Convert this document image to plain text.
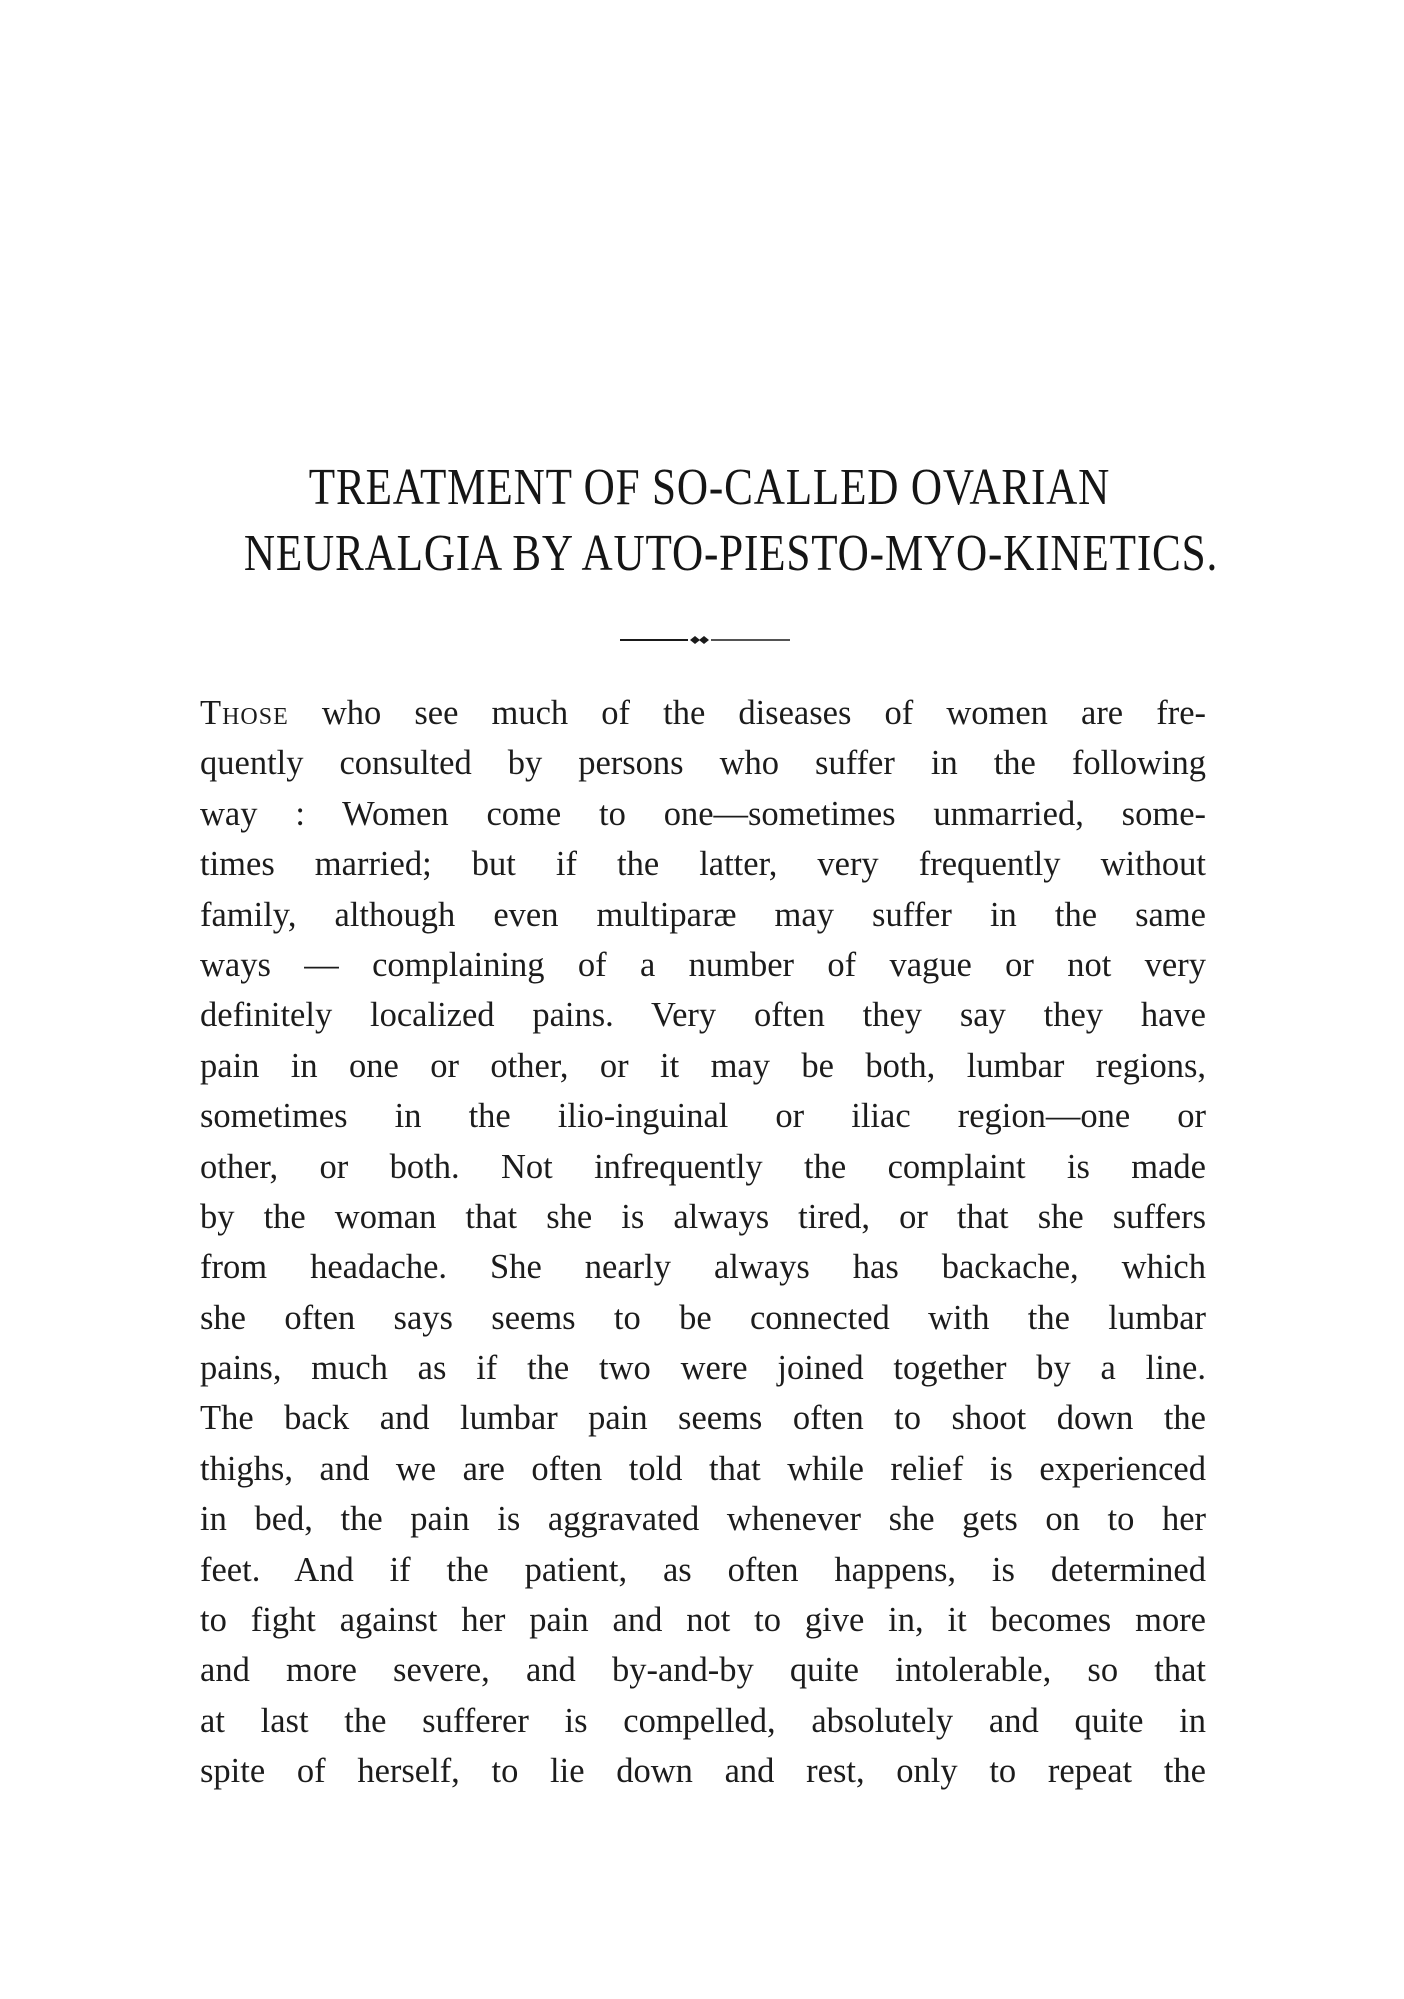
TREATMENT OF SO-CALLED OVARIAN
NEURALGIA BY AUTO-PIESTO-MYO-KINETICS.
Those who see much of the diseases of women are fre-
quently consulted by persons who suffer in the following
way : Women come to one—sometimes unmarried, some-
times married; but if the latter, very frequently without
family, although even multiparæ may suffer in the same
ways — complaining of a number of vague or not very
definitely localized pains. Very often they say they have
pain in one or other, or it may be both, lumbar regions,
sometimes in the ilio-inguinal or iliac region—one or
other, or both. Not infrequently the complaint is made
by the woman that she is always tired, or that she suffers
from headache. She nearly always has backache, which
she often says seems to be connected with the lumbar
pains, much as if the two were joined together by a line.
The back and lumbar pain seems often to shoot down the
thighs, and we are often told that while relief is experienced
in bed, the pain is aggravated whenever she gets on to her
feet. And if the patient, as often happens, is determined
to fight against her pain and not to give in, it becomes more
and more severe, and by-and-by quite intolerable, so that
at last the sufferer is compelled, absolutely and quite in
spite of herself, to lie down and rest, only to repeat the
